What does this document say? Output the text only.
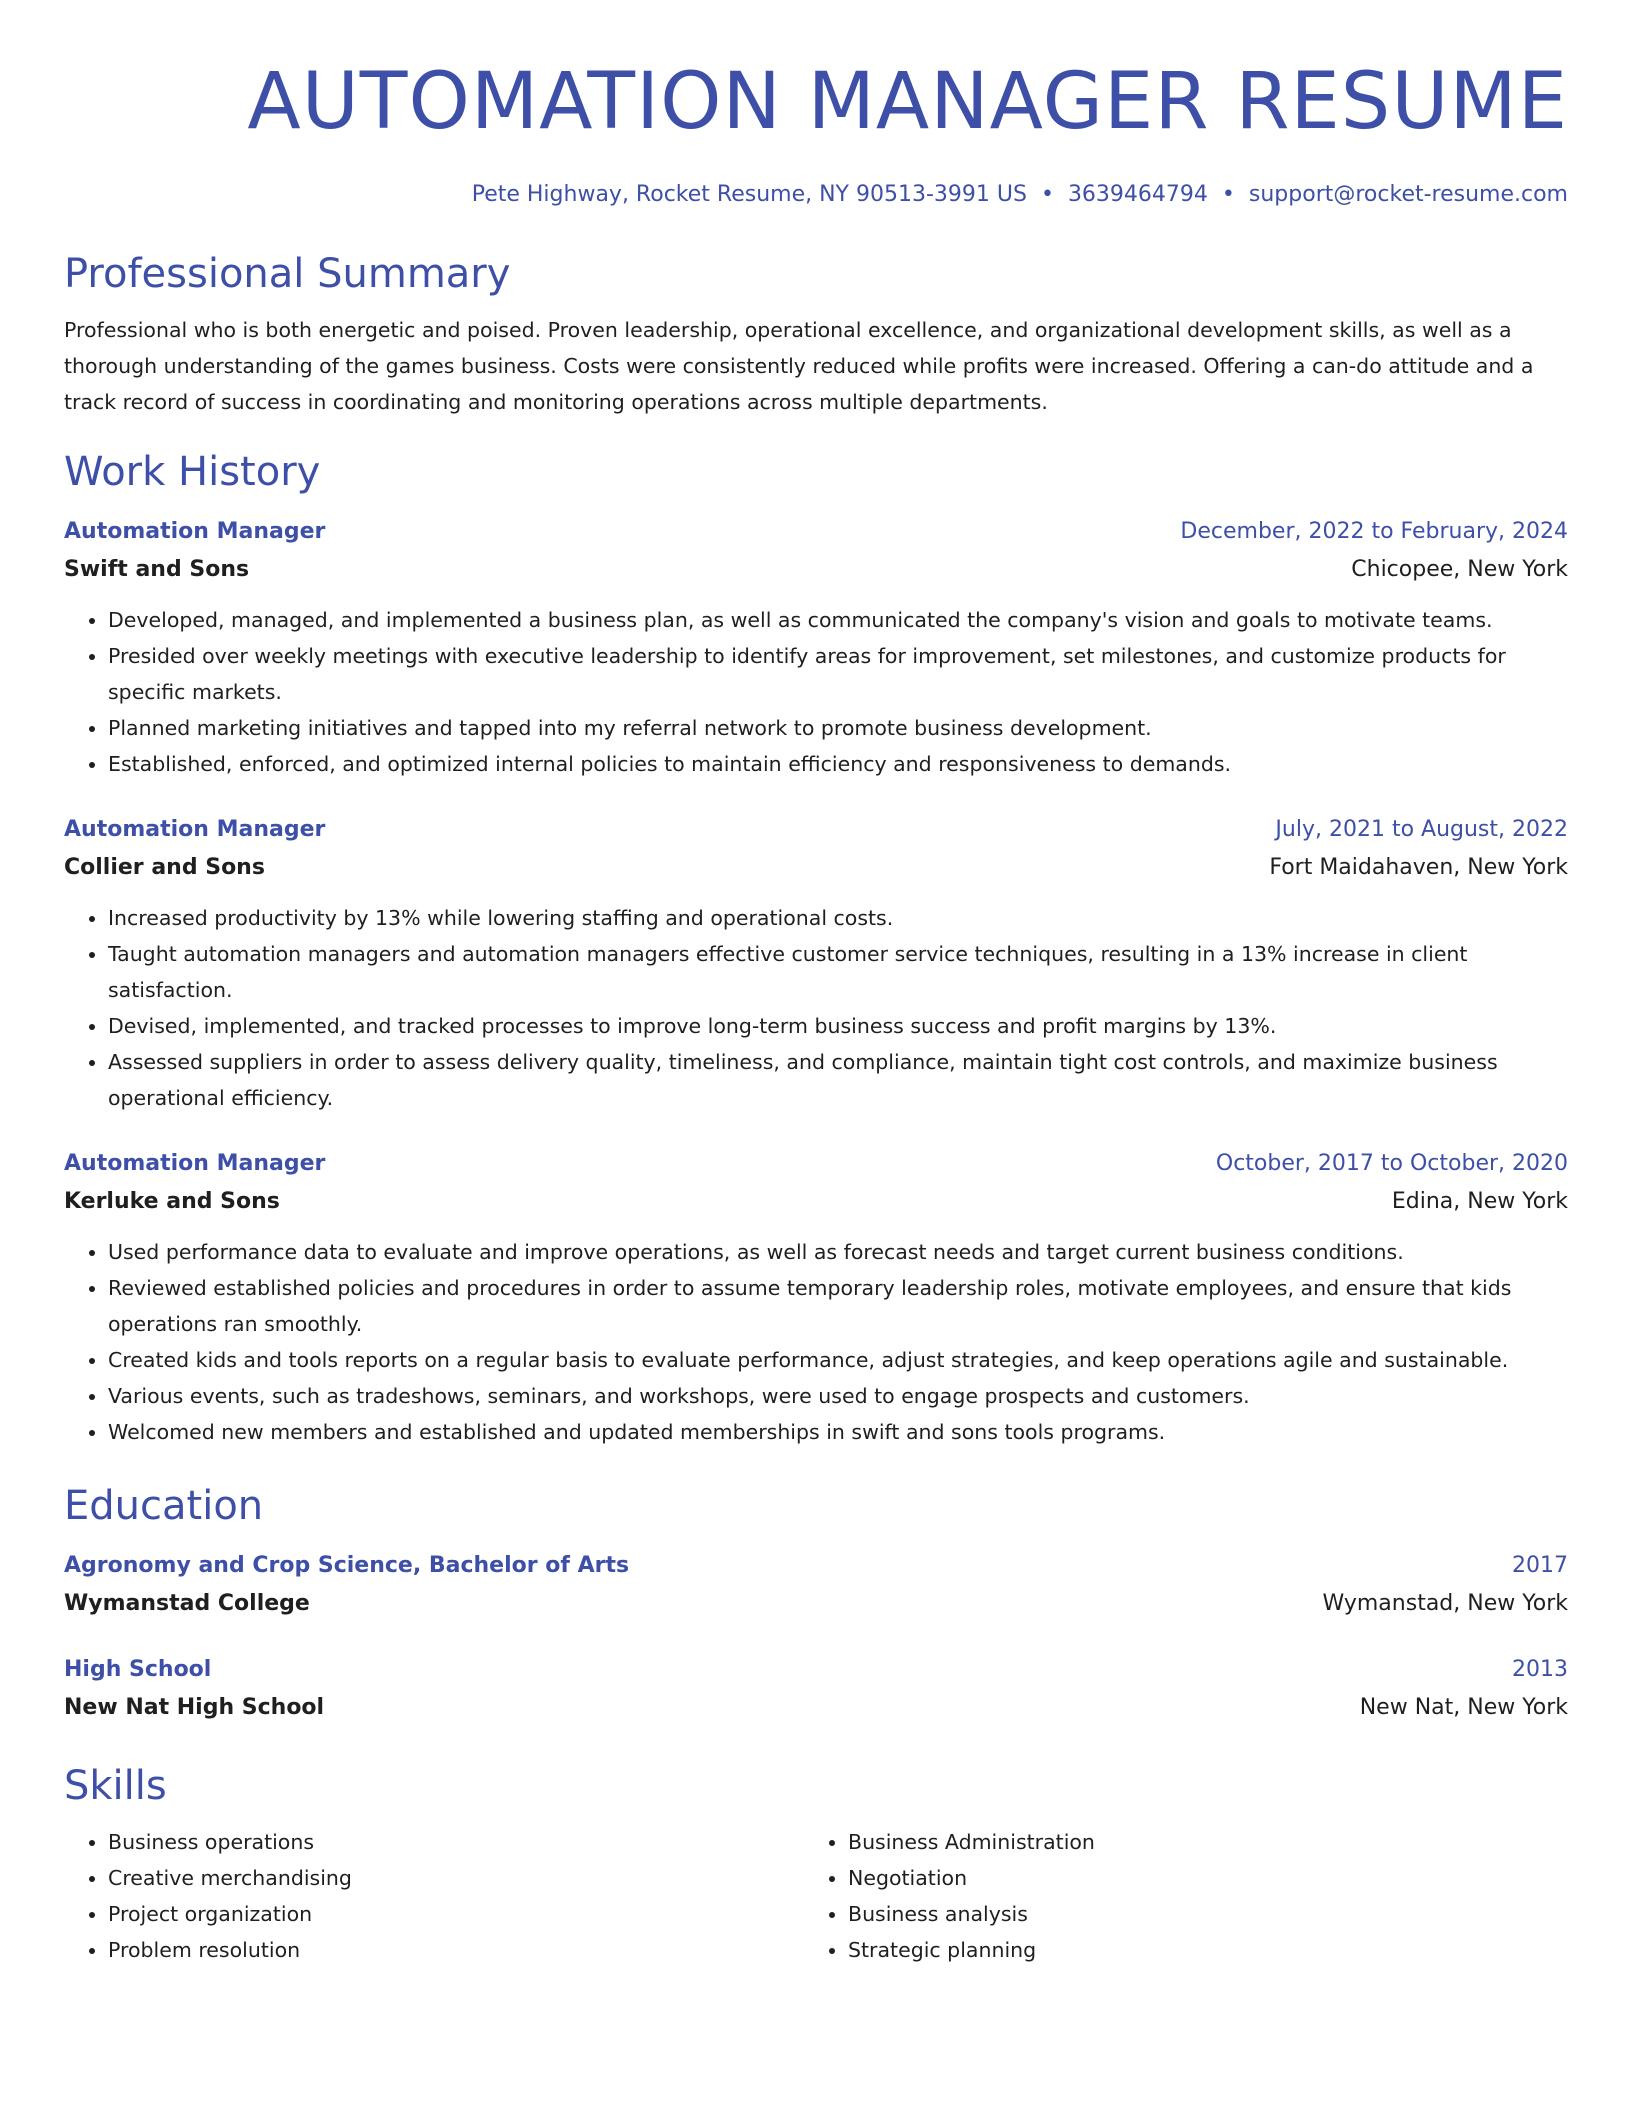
AUTOMATION MANAGER RESUME
Pete Highway, Rocket Resume, NY 90513-3991 US • 3639464794 • support@rocket-resume.com
Professional Summary
Professional who is both energetic and poised. Proven leadership, operational excellence, and organizational development skills, as well as a thorough understanding of the games business. Costs were consistently reduced while profits were increased. Offering a can-do attitude and a track record of success in coordinating and monitoring operations across multiple departments.
Work History
Automation Manager	December, 2022 to February, 2024
Swift and Sons	Chicopee, New York
• Developed, managed, and implemented a business plan, as well as communicated the company's vision and goals to motivate teams.
• Presided over weekly meetings with executive leadership to identify areas for improvement, set milestones, and customize products for specific markets.
• Planned marketing initiatives and tapped into my referral network to promote business development.
• Established, enforced, and optimized internal policies to maintain efficiency and responsiveness to demands.
Automation Manager	July, 2021 to August, 2022
Collier and Sons	Fort Maidahaven, New York
• Increased productivity by 13% while lowering staffing and operational costs.
• Taught automation managers and automation managers effective customer service techniques, resulting in a 13% increase in client satisfaction.
• Devised, implemented, and tracked processes to improve long-term business success and profit margins by 13%.
• Assessed suppliers in order to assess delivery quality, timeliness, and compliance, maintain tight cost controls, and maximize business operational efficiency.
Automation Manager	October, 2017 to October, 2020
Kerluke and Sons	Edina, New York
• Used performance data to evaluate and improve operations, as well as forecast needs and target current business conditions.
• Reviewed established policies and procedures in order to assume temporary leadership roles, motivate employees, and ensure that kids operations ran smoothly.
• Created kids and tools reports on a regular basis to evaluate performance, adjust strategies, and keep operations agile and sustainable.
• Various events, such as tradeshows, seminars, and workshops, were used to engage prospects and customers.
• Welcomed new members and established and updated memberships in swift and sons tools programs.
Education
Agronomy and Crop Science, Bachelor of Arts	2017
Wymanstad College	Wymanstad, New York
High School	2013
New Nat High School	New Nat, New York
Skills
• Business operations
• Creative merchandising
• Project organization
• Problem resolution
• Business Administration
• Negotiation
• Business analysis
• Strategic planning
